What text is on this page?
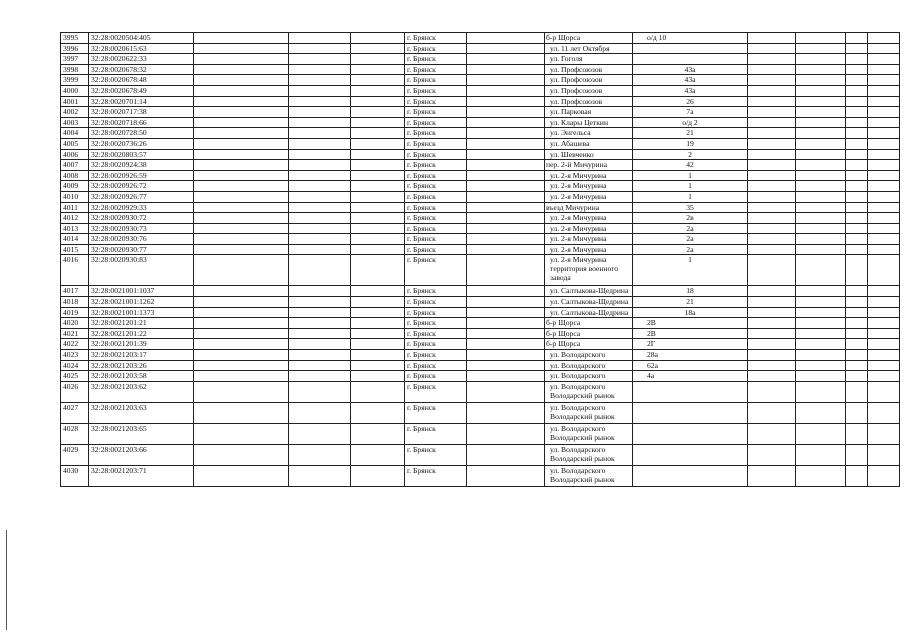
3995	32:28:0020504:405				г. Брянск		б-р Щорса	о/д 10				
3996	32:28:0020615:63				г. Брянск		ул. 11 лет Октября					
3997	32:28:0020622:33				г. Брянск		ул. Гоголя					
3998	32:28:0020678:32				г. Брянск		ул. Профсоюзов	43а				
3999	32:28:0020678:48				г. Брянск		ул. Профсоюзов	43а				
4000	32:28:0020678:49				г. Брянск		ул. Профсоюзов	43а				
4001	32:28:0020701:14				г. Брянск		ул. Профсоюзов	26				
4002	32:28:0020717:38				г. Брянск		ул. Парковая	7а				
4003	32:28:0020718:66				г. Брянск		ул. Клары Цеткин	о/д 2				
4004	32:28:0020728:50				г. Брянск		ул. Энгельса	21				
4005	32:28:0020736:26				г. Брянск		ул. Абашева	19				
4006	32:28:0020803:57				г. Брянск		ул. Шевченко	2				
4007	32:28:0020924:38				г. Брянск		пер. 2-й Мичурина	42				
4008	32:28:0020926:59				г. Брянск		ул. 2-я Мичурина	1				
4009	32:28:0020926:72				г. Брянск		ул. 2-я Мичурина	1				
4010	32:28:0020926:77				г. Брянск		ул. 2-я Мичурина	1				
4011	32:28:0020929:33				г. Брянск		въезд Мичурина	35				
4012	32:28:0020930:72				г. Брянск		ул. 2-я Мичурина	2в				
4013	32:28:0020930:73				г. Брянск		ул. 2-я Мичурина	2а				
4014	32:28:0020930:76				г. Брянск		ул. 2-я Мичурина	2а				
4015	32:28:0020930:77				г. Брянск		ул. 2-я Мичурина	2а				
4016	32:28:0020930:83				г. Брянск		ул. 2-я Мичурина территория военного завода	1				
4017	32:28:0021001:1037				г. Брянск		ул. Салтыкова-Щедрина	18				
4018	32:28:0021001:1262				г. Брянск		ул. Салтыкова-Щедрина	21				
4019	32:28:0021001:1373				г. Брянск		ул. Салтыкова-Щедрина	18а				
4020	32:28:0021201:21				г. Брянск		б-р Щорса	2В				
4021	32:28:0021201:22				г. Брянск		б-р Щорса	2В				
4022	32:28:0021201:39				г. Брянск		б-р Щорса	2Г				
4023	32:28:0021203:17				г. Брянск		ул. Володарского	28а				
4024	32:28:0021203:26				г. Брянск		ул. Володарского	62а				
4025	32:28:0021203:58				г. Брянск		ул. Володарского	4а				
4026	32:28:0021203:62				г. Брянск		ул. Володарского Володарский рынок					
4027	32:28:0021203:63				г. Брянск		ул. Володарского Володарский рынок					
4028	32:28:0021203:65				г. Брянск		ул. Володарского Володарский рынок					
4029	32:28:0021203:66				г. Брянск		ул. Володарского Володарский рынок					
4030	32:28:0021203:71				г. Брянск		ул. Володарского Володарский рынок					
